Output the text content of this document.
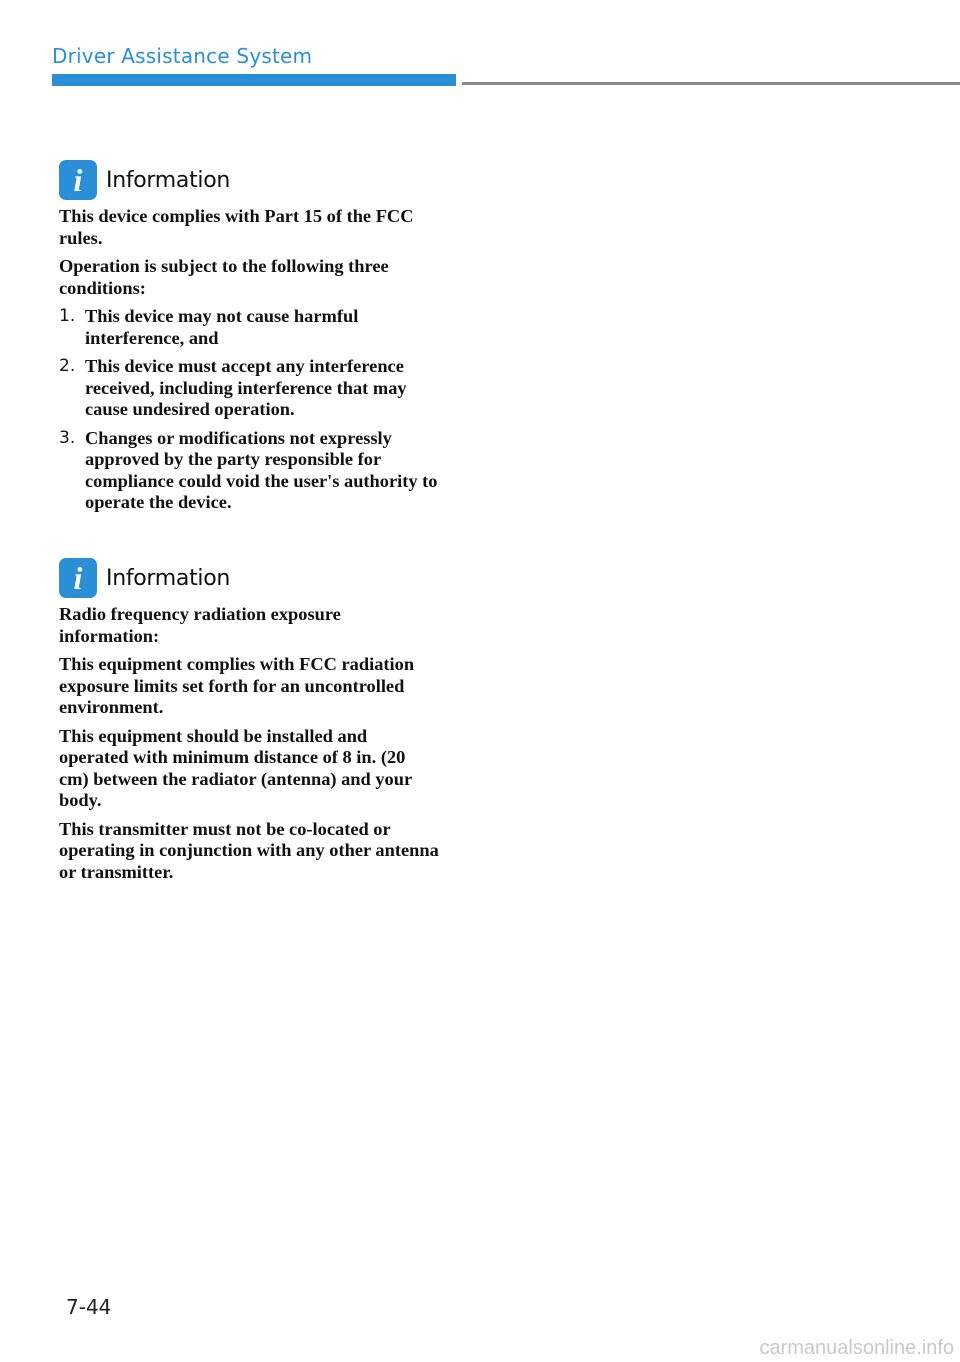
Driver Assistance System
i Information

This device complies with Part 15 of the FCC rules.

Operation is subject to the following three conditions:

1. This device may not cause harmful interference, and
2. This device must accept any interference received, including interference that may cause undesired operation.
3. Changes or modifications not expressly approved by the party responsible for compliance could void the user's authority to operate the device.
i Information

Radio frequency radiation exposure information:

This equipment complies with FCC radiation exposure limits set forth for an uncontrolled environment.

This equipment should be installed and operated with minimum distance of 8 in. (20 cm) between the radiator (antenna) and your body.

This transmitter must not be co-located or operating in conjunction with any other antenna or transmitter.

7-44
carmanualsonline.info
